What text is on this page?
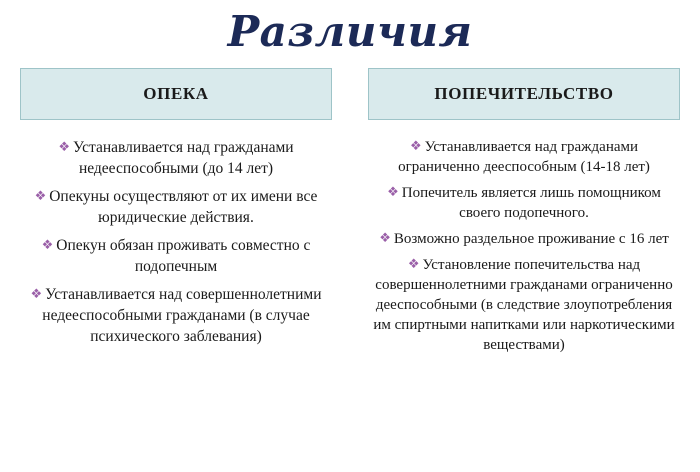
Различия
ОПЕКА
❖ Устанавливается над гражданами недееспособными (до 14 лет)
❖ Опекуны осуществляют от их имени все юридические действия.
❖ Опекун обязан проживать совместно с подопечным
❖ Устанавливается над совершеннолетними недееспособными гражданами (в случае психического заблевания)
ПОПЕЧИТЕЛЬСТВО
❖ Устанавливается над гражданами ограниченно дееспособным (14-18 лет)
❖ Попечитель является лишь помощником своего подопечного.
❖ Возможно раздельное проживание с 16 лет
❖ Установление попечительства над совершеннолетними гражданами ограниченно дееспособными (в следствие злоупотребления им спиртными напитками или наркотическими веществами)
